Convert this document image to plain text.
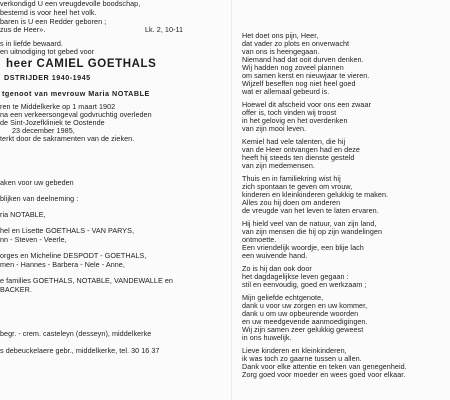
verkondigd U een vreugdevolle boodschap,
bestemd is voor heel het volk.
baren is U een Redder geboren ;
zus de Heer».	Lk. 2, 10-11
s in liefde bewaard.
en uitnodiging tot gebed voor
heer CAMIEL GOETHALS
DSTRIJDER 1940-1945
tgenoot van mevrouw Maria NOTABLE
ren te Middelkerke op 1 maart 1902
na een verkeersongeval godvruchtig overleden
de Sint-Jozefkliniek te Oostende
23 december 1985,
terkt door de sakramenten van de zieken.
aken voor uw gebeden
blijken van deelneming :
ria NOTABLE,
hel en Lisette GOETHALS - VAN PARYS,
nn - Steven - Veerle,
orges en Micheline DESPODT - GOETHALS,
men - Hannes - Barbera - Nele - Anne,
e families GOETHALS, NOTABLE, VANDEWALLE en
BACKER.
begr. - crem. casteleyn (desseyn), middelkerke
s debeuckelaere gebr., middelkerke, tel. 30 16 37
Het doet ons pijn, Heer,
dat vader zo plots en onverwacht
van ons is heengegaan.
Niemand had dat ooit durven denken.
Wij hadden nog zoveel plannen
om samen kerst en nieuwjaar te vieren.
Wijzelf beseffen nog niet heel goed
wat er allemaal gebeurd is.
Hoewel dit afscheid voor ons een zwaar
offer is, toch vinden wij troost
in het gelovig en het overdenken
van zijn mooi leven.
Kemiel had vele talenten, die hij
van de Heer ontvangen had en deze
heeft hij steeds ten dienste gesteld
van zijn medemensen.
Thuis en in familiekring wist hij
zich spontaan te geven om vrouw,
kinderen en kleinkinderen gelukkig te maken.
Alles zou hij doen om anderen
de vreugde van het leven te laten ervaren.
Hij hield veel van de natuur, van zijn land,
van zijn mensen die hij op zijn wandelingen
ontmoette.
Een vriendelijk woordje, een blije lach
een wuivende hand.
Zo is hij dan ook door
het dagdagelijkse leven gegaan :
stil en eenvoudig, goed en werkzaam ;
Mijn geliefde echtgenote,
dank u voor uw zorgen en uw kommer,
dank u om uw opbeurende woorden
en uw meedgevende aanmoedigingen.
Wij zijn samen zeer gelukkig geweest
in ons huwelijk.
Lieve kinderen en kleinkinderen,
ik was toch zo gaarne tussen u allen.
Dank voor elke attentie en teken van genegenheid.
Zorg goed voor moeder en wees goed voor elkaar.
